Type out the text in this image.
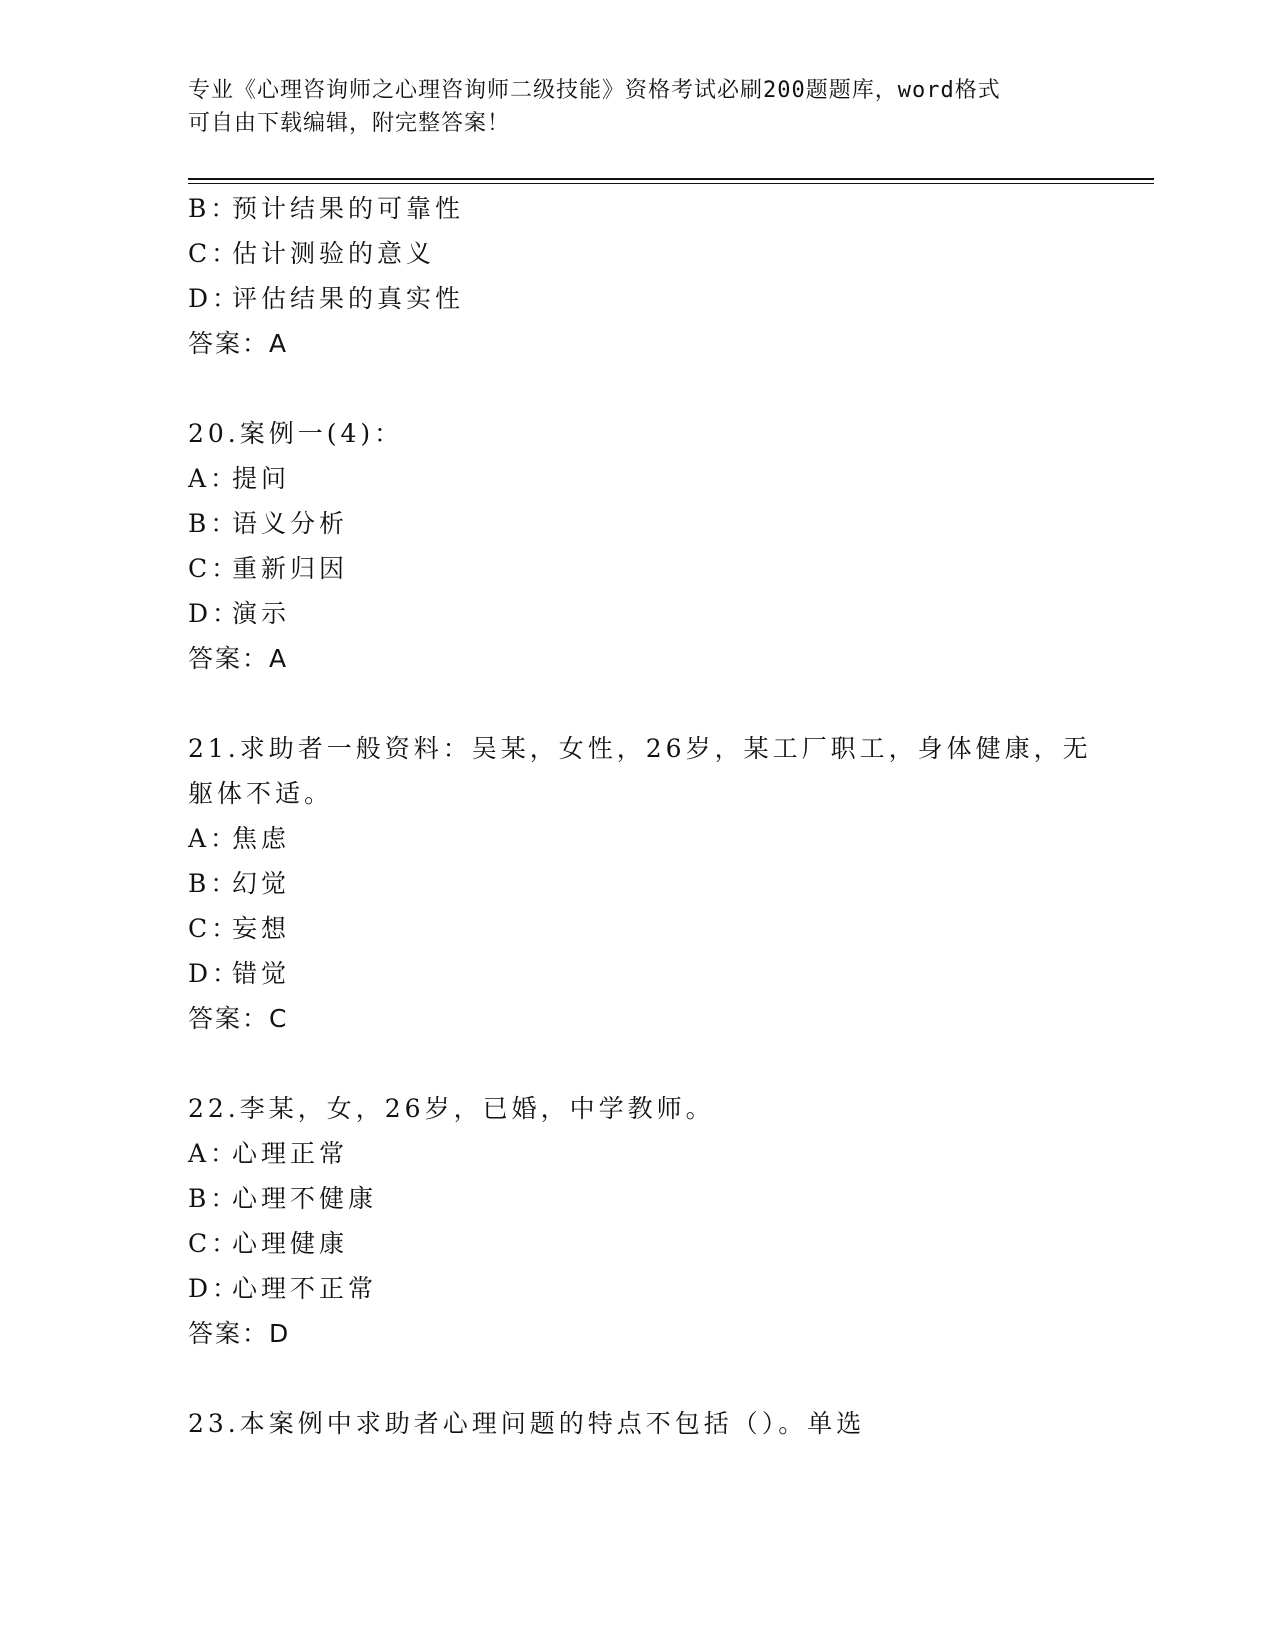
专业《心理咨询师之心理咨询师二级技能》资格考试必刷200题题库，word格式
可自由下载编辑，附完整答案！
B：预计结果的可靠性
C：估计测验的意义
D：评估结果的真实性
答案：A
20.案例一(4)：
A：提问
B：语义分析
C：重新归因
D：演示
答案：A
21.求助者一般资料：吴某，女性，26岁，某工厂职工，身体健康，无
躯体不适。
A：焦虑
B：幻觉
C：妄想
D：错觉
答案：C
22.李某，女，26岁，已婚，中学教师。
A：心理正常
B：心理不健康
C：心理健康
D：心理不正常
答案：D
23.本案例中求助者心理问题的特点不包括（）。单选
